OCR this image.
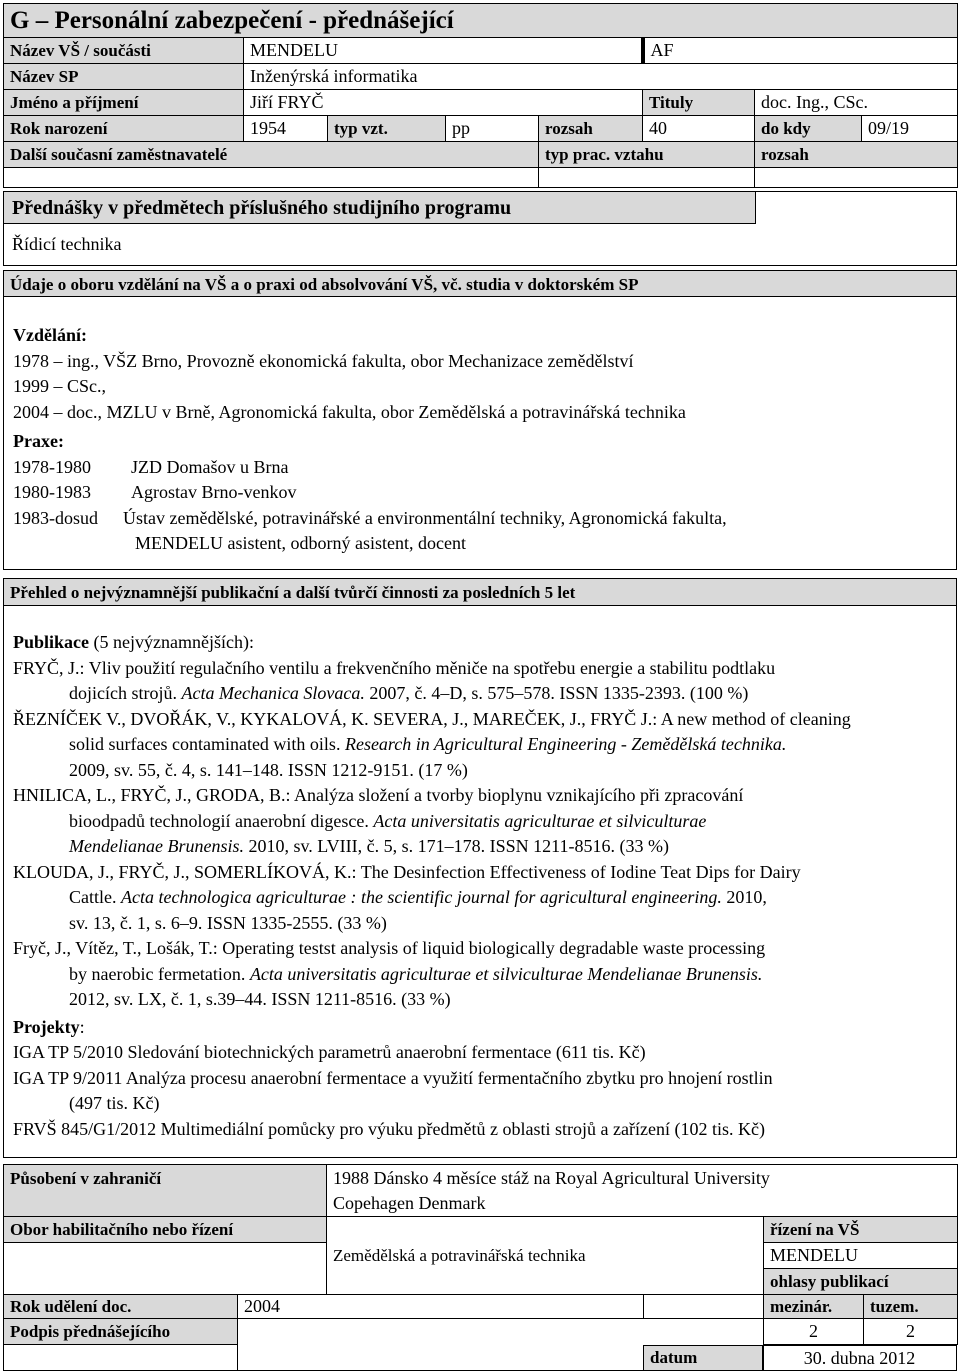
G – Personální zabezpečení - přednášející							
Název VŠ / součásti	MENDELU				AF		
Název SP	Inženýrská informatika						
Jméno a příjmení	Jiří FRYČ				Tituly	doc. Ing., CSc.	
Rok narození	1954	typ vzt.	pp	rozsah	40	do kdy	09/19
Další současní zaměstnavatelé				typ prac. vztahu		rozsah	

Přednášky v předmětech příslušného studijního programu
Řídicí technika
Údaje o oboru vzdělání na VŠ a o praxi od absolvování VŠ, vč. studia v doktorském SP

Vzdělání:

1978 – ing., VŠZ Brno, Provozně ekonomická fakulta, obor Mechanizace zemědělství

1999 – CSc.,

2004 – doc., MZLU v Brně, Agronomická fakulta, obor Zemědělská a potravinářská technika

Praxe:

1978-1980 JZD Domašov u Brna

1980-1983 Agrostav Brno-venkov

1983-dosud Ústav zemědělské, potravinářské a environmentální techniky, Agronomická fakulta,

MENDELU asistent, odborný asistent, docent

Přehled o nejvýznamnější publikační a další tvůrčí činnosti za posledních 5 let

Publikace (5 nejvýznamnějších):

FRYČ, J.: Vliv použití regulačního ventilu a frekvenčního měniče na spotřebu energie a stabilitu podtlaku

dojicích strojů. Acta Mechanica Slovaca. 2007, č. 4–D, s. 575–578. ISSN 1335-2393. (100 %)

ŘEZNÍČEK V., DVOŘÁK, V., KYKALOVÁ, K. SEVERA, J., MAREČEK, J., FRYČ J.: A new method of cleaning

solid surfaces contaminated with oils. Research in Agricultural Engineering - Zemědělská technika.

2009, sv. 55, č. 4, s. 141–148. ISSN 1212-9151. (17 %)

HNILICA, L., FRYČ, J., GRODA, B.: Analýza složení a tvorby bioplynu vznikajícího při zpracování

bioodpadů technologií anaerobní digesce. Acta universitatis agriculturae et silviculturae

Mendelianae Brunensis. 2010, sv. LVIII, č. 5, s. 171–178. ISSN 1211-8516. (33 %)

KLOUDA, J., FRYČ, J., SOMERLÍKOVÁ, K.: The Desinfection Effectiveness of Iodine Teat Dips for Dairy

Cattle. Acta technologica agriculturae : the scientific journal for agricultural engineering. 2010,

sv. 13, č. 1, s. 6–9. ISSN 1335-2555. (33 %)

Fryč, J., Vítěz, T., Lošák, T.: Operating testst analysis of liquid biologically degradable waste processing

by naerobic fermetation. Acta universitatis agriculturae et silviculturae Mendelianae Brunensis.

2012, sv. LX, č. 1, s.39–44. ISSN 1211-8516. (33 %)

Projekty:

IGA TP 5/2010 Sledování biotechnických parametrů anaerobní fermentace (611 tis. Kč)

IGA TP 9/2011 Analýza procesu anaerobní fermentace a využití fermentačního zbytku pro hnojení rostlin

(497 tis. Kč)

FRVŠ 845/G1/2012 Multimediální pomůcky pro výuku předmětů z oblasti strojů a zařízení (102 tis. Kč)

Působení v zahraničí		1988 Dánsko 4 měsíce stáž na Royal Agricultural University
Copehagen Denmark			

Obor habilitačního nebo řízení		Zemědělská a potravinářská technika		řízení na VŠ	
				MENDELU	
				ohlasy publikací	
Rok udělení doc.	2004			mezinár.	tuzem.
Podpis přednášejícího				2	2

datum	30. dubna 2012
